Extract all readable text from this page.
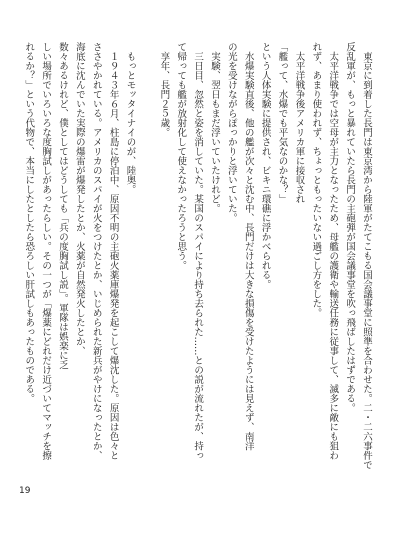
　東京に到着した長門は東京湾から陸軍がたてこもる国会議事堂に照準を合わせた。二・二六事件で
反乱軍が、もっと暴れていたら長門の主砲弾が国会議事堂を吹っ飛ばしたはずである。
　太平洋戦争では空母が主力となったため、母艦の護衛や輸送任務に従事して、滅多に敵にも狙わ
れず、あまり使われず、ちょっともったいない過ごし方をした。
　太平洋戦争後アメリカ軍に接収され
「艦って、水爆でも平気なのかな？」
という人体実験に提供され、ビキニ環礁に浮かべられる。
　水爆実験直後、他の艦が次々と沈む中、長門だけは大きな損傷を受けたようには見えず、南洋
の光を受けながらぽっかりと浮いていた。
　実験、翌日もまだ浮いていたけれど。
　三日目、忽然と姿を消していた。某国のスパイにより持ち去られた……との説が流れたが、持っ
て帰っても艦が放射化して使えなかったろうと思う。
　享年、長門２５歳。
　もっとモッタイナイのが、陸奥。
　１９４３年６月、柱島に停泊中、原因不明の主砲火薬庫爆発を起こして爆沈した。原因は色々と
ささやかれている。アメリカのスパイが火をつけたとか、いじめられた新兵がやけになったとか、
海底に沈んでいた実際の爆雷が爆発したとか、火薬が自然発火したとか、
数々あるけれど、僕としてはどうしても「兵の度胸試し説」。軍隊は娯楽に乏
しい場所でいろいろな度胸試しがあったらしい。その一つが「爆薬にどれだけ近づいてマッチを擦
れるか？」という代物で、本当にしたとしたら恐ろしい肝試しもあったものである。
19
